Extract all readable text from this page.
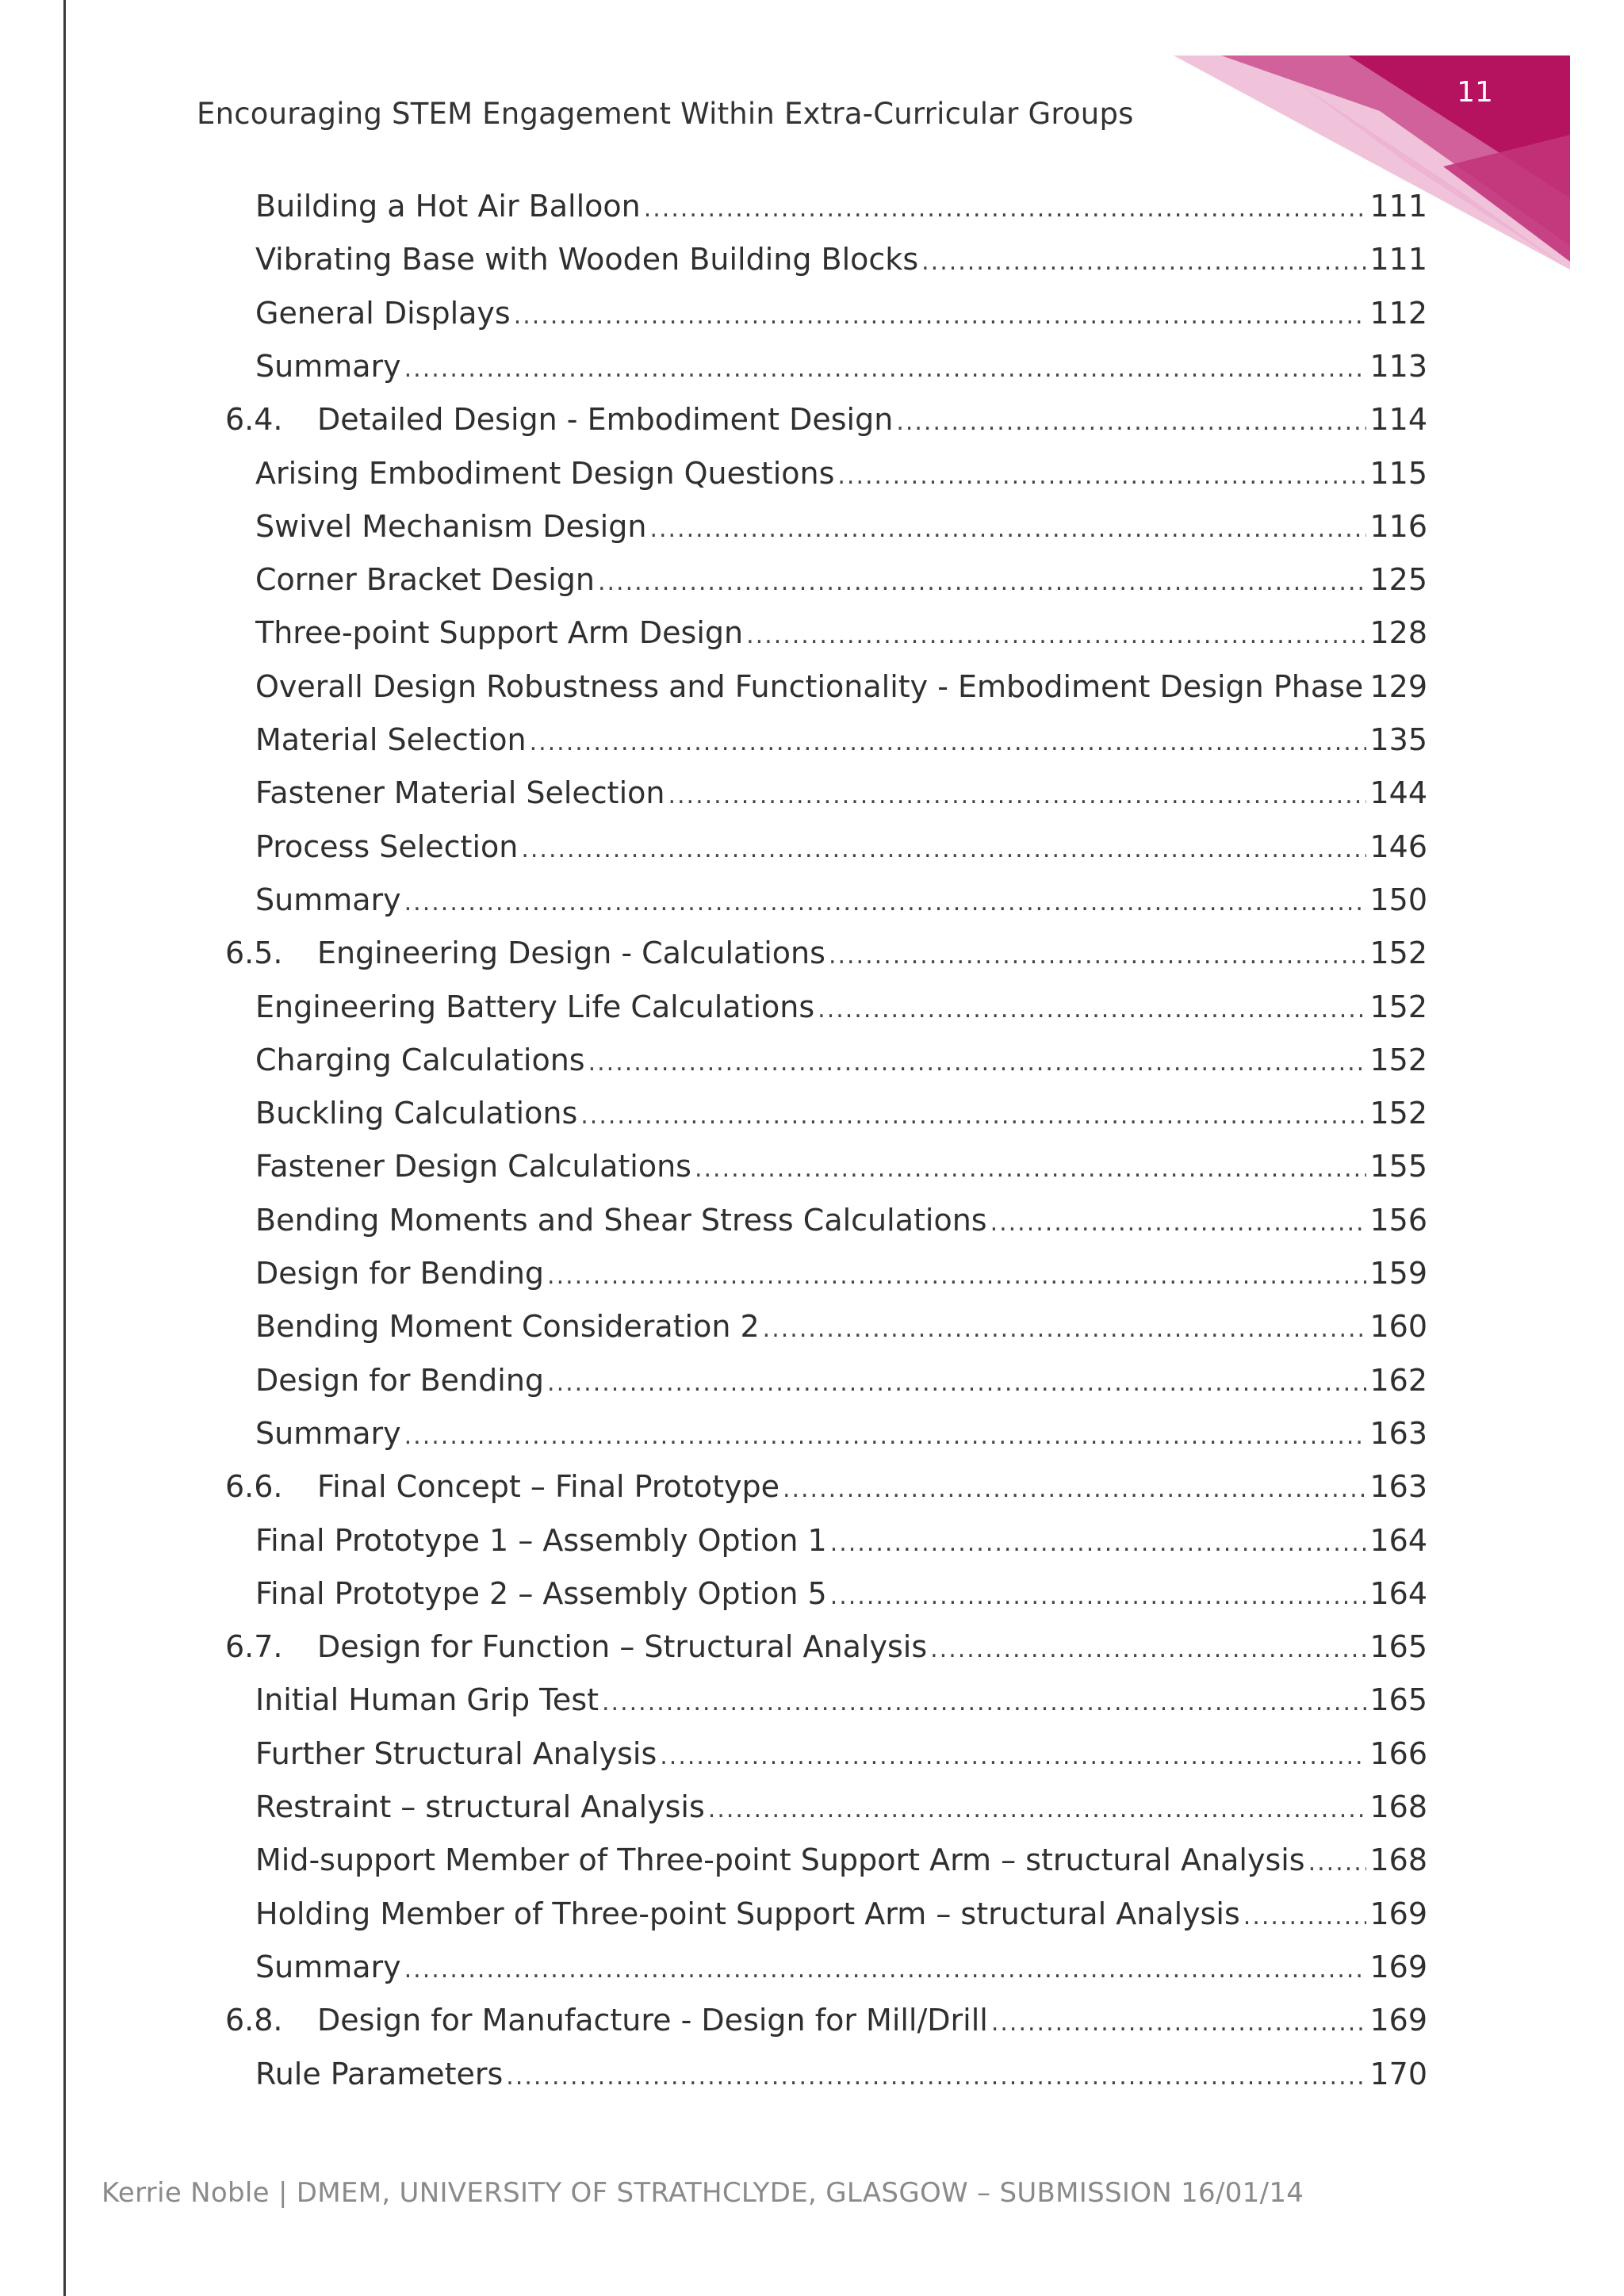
11
Encouraging STEM Engagement Within Extra-Curricular Groups
Building a Hot Air Balloon .....	111
Vibrating Base with Wooden Building Blocks .....	111
General Displays .....	112
Summary .....	113
6.4.	Detailed Design - Embodiment Design .....	114
Arising Embodiment Design Questions .....	115
Swivel Mechanism Design .....	116
Corner Bracket Design .....	125
Three-point Support Arm Design .....	128
Overall Design Robustness and Functionality - Embodiment Design Phase ..... 129
Material Selection .....	135
Fastener Material Selection .....	144
Process Selection .....	146
Summary .....	150
6.5.	Engineering Design - Calculations .....	152
Engineering Battery Life Calculations .....	152
Charging Calculations .....	152
Buckling Calculations .....	152
Fastener Design Calculations .....	155
Bending Moments and Shear Stress Calculations .....	156
Design for Bending .....	159
Bending Moment Consideration 2 .....	160
Design for Bending .....	162
Summary .....	163
6.6.	Final Concept – Final Prototype .....	163
Final Prototype 1 – Assembly Option 1 .....	164
Final Prototype 2 – Assembly Option 5 .....	164
6.7.	Design for Function – Structural Analysis .....	165
Initial Human Grip Test .....	165
Further Structural Analysis .....	166
Restraint – structural Analysis .....	168
Mid-support Member of Three-point Support Arm – structural Analysis ..... 168
Holding Member of Three-point Support Arm – structural Analysis .....	169
Summary .....	169
6.8.	Design for Manufacture - Design for Mill/Drill .....	169
Rule Parameters .....	170
Kerrie Noble | DMEM, UNIVERSITY OF STRATHCLYDE, GLASGOW – SUBMISSION 16/01/14
